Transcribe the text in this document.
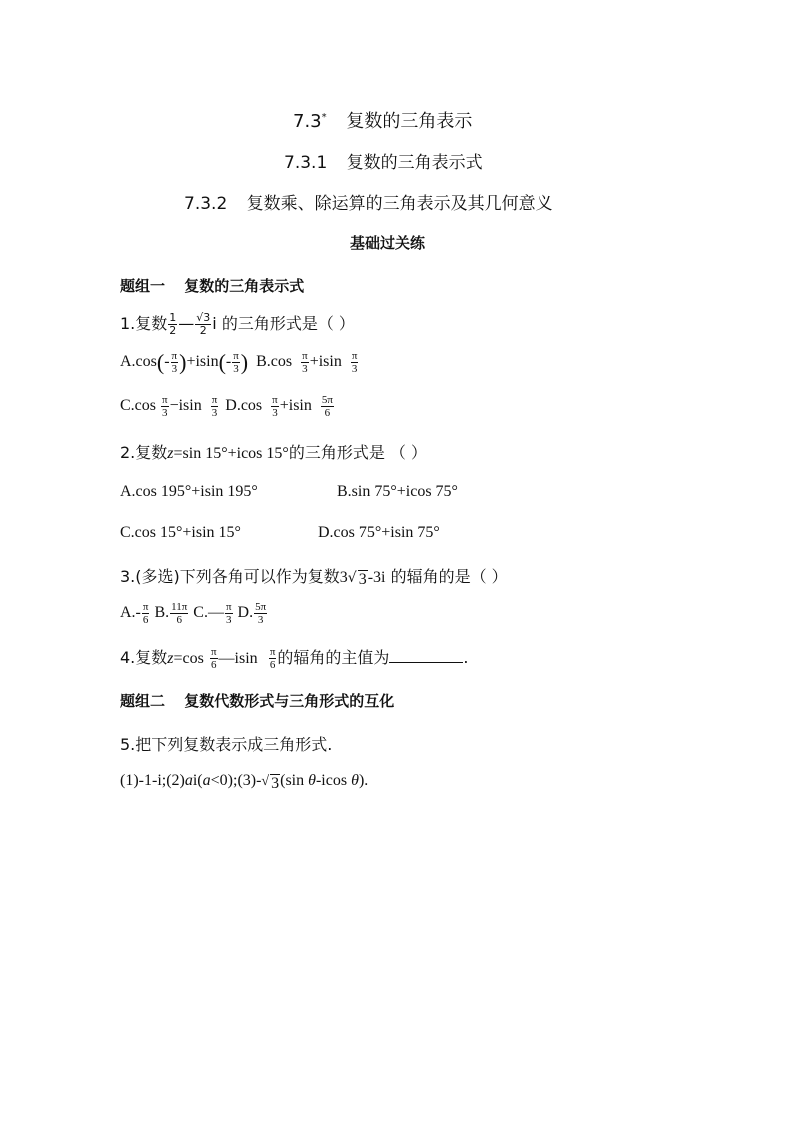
7.3* 复数的三角表示
7.3.1 复数的三角表示式
7.3.2 复数乘、除运算的三角表示及其几何意义
基础过关练
题组一 复数的三角表示式
1.复数 $\frac{1}{2}$ — $\frac{√3}{2}$ i 的三角形式是（ ）
$A.\cos(- \frac{\pi}{3} )+isin(- \frac{\pi}{3}$ ) $B.\cos \frac{\pi}{3} +isin \frac{\pi}{3}$
$C.\cos \frac{\pi}{3} -isin \frac{\pi}{3} D.\cos \frac{\pi}{3} +isin \frac{5\pi}{6}$
2.复数z=sin 15°+icos 15°的三角形式是 （ ）
A.cos 195°+isin 195°	B.sin 75°+icos 75°
C.cos 15°+isin 15°	D.cos 75°+isin 75°
3.(多选)下列各角可以作为复数3 √ 3 -3i 的辐角的是（ ）
$A.- \frac{\pi}{6} B$. $\frac{11\pi}{6}$ C.— $\frac{\pi}{3} D$. $\frac{5\pi}{3}$
4.复数$z=\cos \frac{\pi}{6}$ —isin $\frac{\pi}{6}$ 的辐角的主值为	.
题组二 复数代数形式与三角形式的互化
5.把下列复数表示成三角形式.
(1)-1-i;(2)ai(a<0);(3)- √ 3 (sin θ-icos θ).
